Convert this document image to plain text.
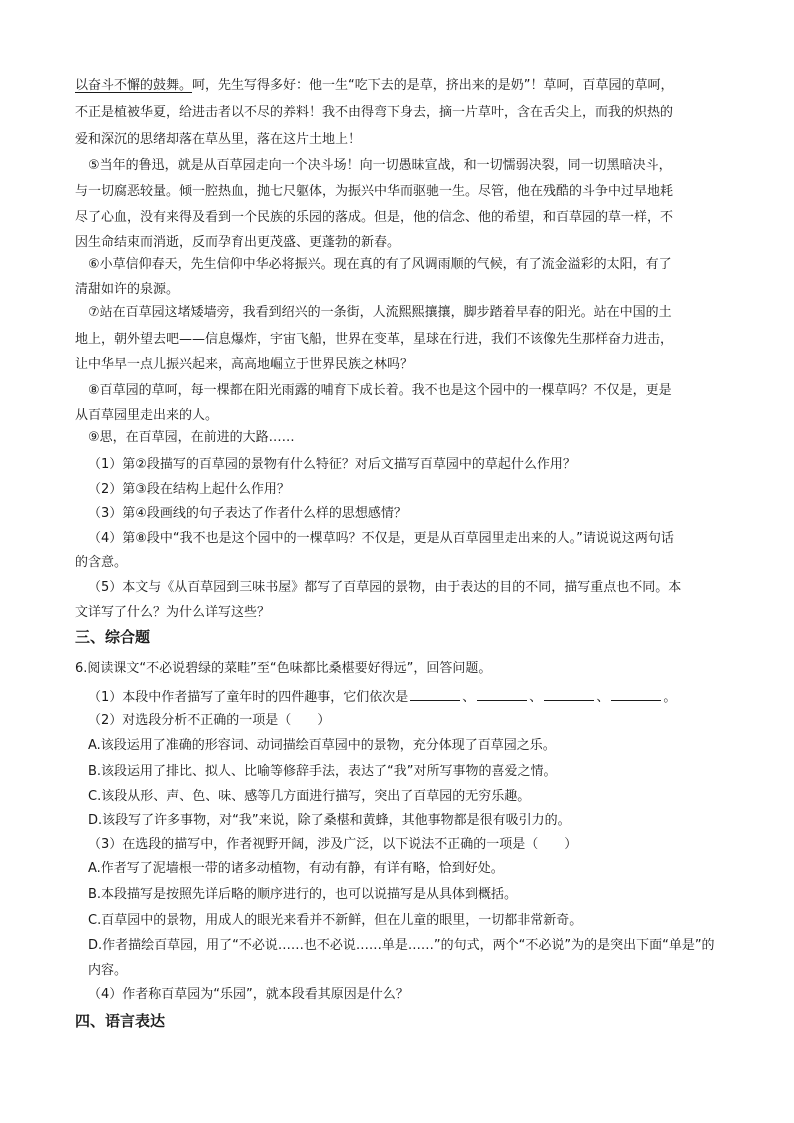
以奋斗不懈的鼓舞。呵，先生写得多好：他一生“吃下去的是草，挤出来的是奶”！草呵，百草园的草呵，
不正是植被华夏，给进击者以不尽的养料！我不由得弯下身去，摘一片草叶，含在舌尖上，而我的炽热的
爱和深沉的思绪却落在草丛里，落在这片土地上！
⑤当年的鲁迅，就是从百草园走向一个决斗场！向一切愚昧宣战，和一切懦弱决裂，同一切黑暗决斗，
与一切腐恶较量。倾一腔热血，抛七尺躯体，为振兴中华而驱驰一生。尽管，他在残酷的斗争中过早地耗
尽了心血，没有来得及看到一个民族的乐园的落成。但是，他的信念、他的希望，和百草园的草一样，不
因生命结束而消逝，反而孕育出更茂盛、更蓬勃的新春。
⑥小草信仰春天，先生信仰中华必将振兴。现在真的有了风调雨顺的气候，有了流金溢彩的太阳，有了
清甜如许的泉源。
⑦站在百草园这堵矮墙旁，我看到绍兴的一条街，人流熙熙攘攘，脚步踏着早春的阳光。站在中国的土
地上，朝外望去吧——信息爆炸，宇宙飞船，世界在变革，星球在行进，我们不该像先生那样奋力进击，
让中华早一点儿振兴起来，高高地崛立于世界民族之林吗？
⑧百草园的草呵，每一棵都在阳光雨露的哺育下成长着。我不也是这个园中的一棵草吗？不仅是，更是
从百草园里走出来的人。
⑨思，在百草园，在前进的大路……
（1）第②段描写的百草园的景物有什么特征？对后文描写百草园中的草起什么作用？
（2）第③段在结构上起什么作用？
（3）第④段画线的句子表达了作者什么样的思想感情？
（4）第⑧段中“我不也是这个园中的一棵草吗？不仅是，更是从百草园里走出来的人。”请说说这两句话
的含意。
（5）本文与《从百草园到三味书屋》都写了百草园的景物，由于表达的目的不同，描写重点也不同。本
文详写了什么？为什么详写这些？
三、综合题
6.阅读课文“不必说碧绿的菜畦”至“色味都比桑椹要好得远”，回答问题。
（1）本段中作者描写了童年时的四件趣事，它们依次是	、	、	、	。
（2）对选段分析不正确的一项是（　　）
A.该段运用了准确的形容词、动词描绘百草园中的景物，充分体现了百草园之乐。
B.该段运用了排比、拟人、比喻等修辞手法，表达了“我”对所写事物的喜爱之情。
C.该段从形、声、色、味、感等几方面进行描写，突出了百草园的无穷乐趣。
D.该段写了许多事物，对“我”来说，除了桑椹和黄蜂，其他事物都是很有吸引力的。
（3）在选段的描写中，作者视野开阔，涉及广泛，以下说法不正确的一项是（　　）
A.作者写了泥墙根一带的诸多动植物，有动有静，有详有略，恰到好处。
B.本段描写是按照先详后略的顺序进行的，也可以说描写是从具体到概括。
C.百草园中的景物，用成人的眼光来看并不新鲜，但在儿童的眼里，一切都非常新奇。
D.作者描绘百草园，用了“不必说……也不必说……单是……”的句式，两个“不必说”为的是突出下面“单是”的
内容。
（4）作者称百草园为“乐园”，就本段看其原因是什么？
四、语言表达
